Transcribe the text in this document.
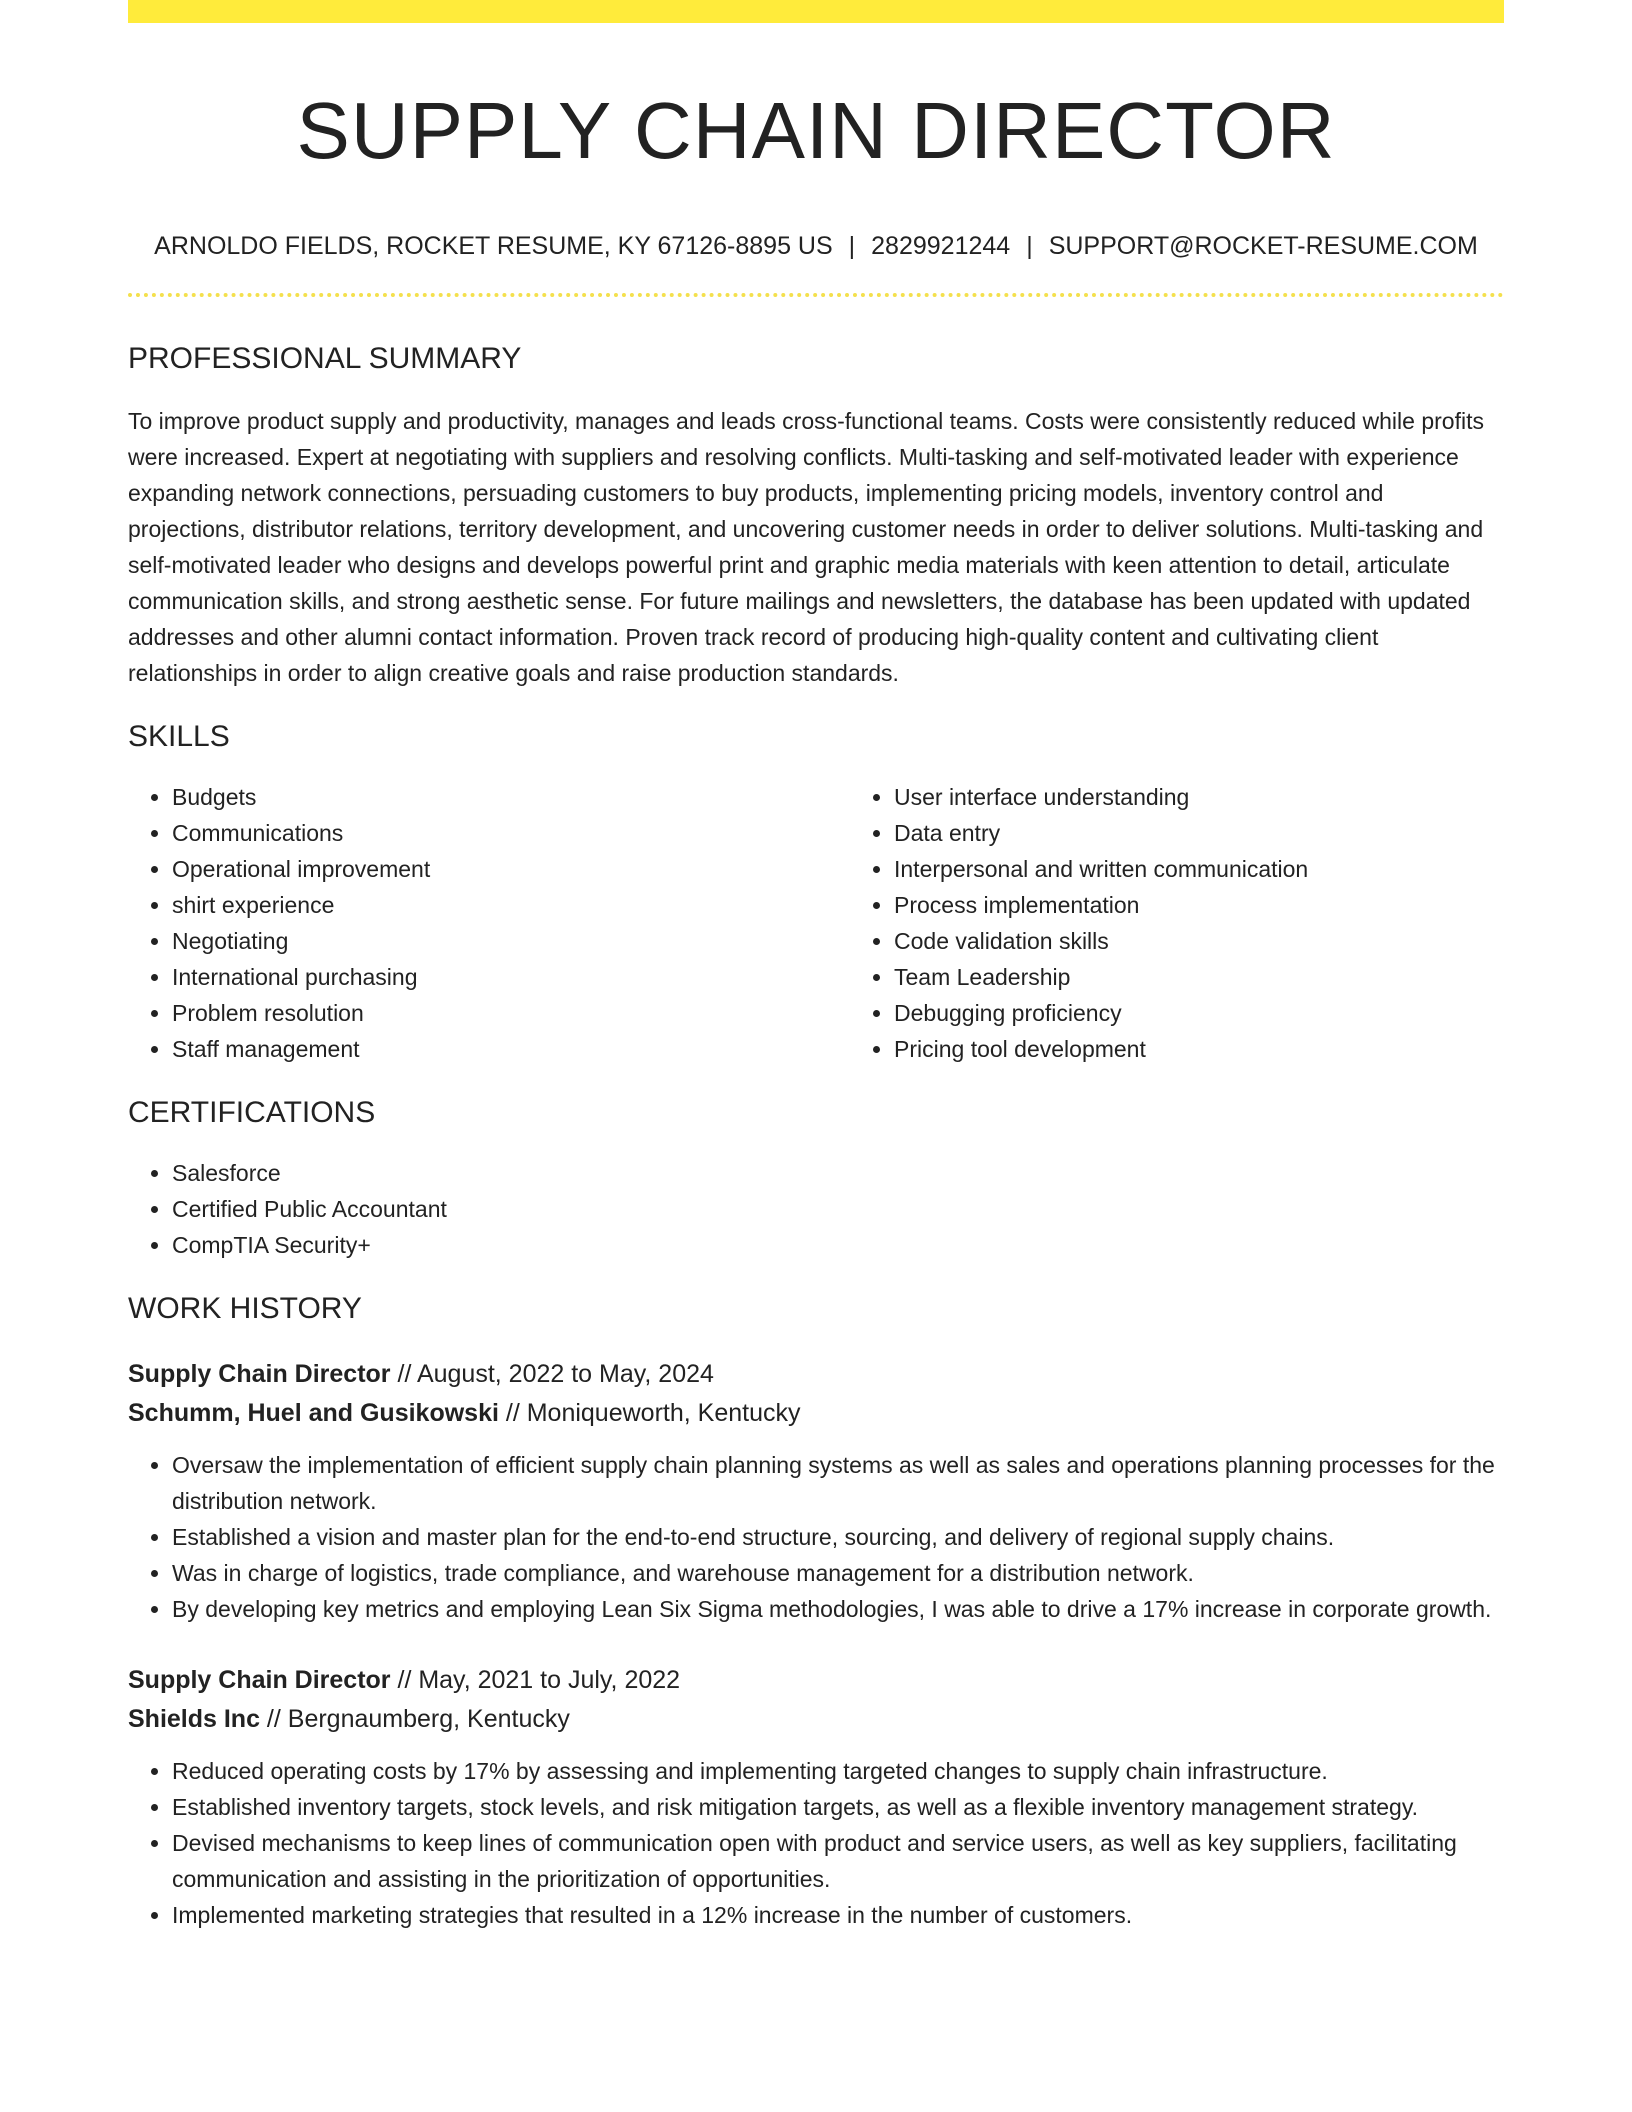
SUPPLY CHAIN DIRECTOR
ARNOLDO FIELDS, ROCKET RESUME, KY 67126-8895 US | 2829921244 | SUPPORT@ROCKET-RESUME.COM
PROFESSIONAL SUMMARY

To improve product supply and productivity, manages and leads cross-functional teams. Costs were consistently reduced while profits were increased. Expert at negotiating with suppliers and resolving conflicts. Multi-tasking and self-motivated leader with experience expanding network connections, persuading customers to buy products, implementing pricing models, inventory control and projections, distributor relations, territory development, and uncovering customer needs in order to deliver solutions. Multi-tasking and self-motivated leader who designs and develops powerful print and graphic media materials with keen attention to detail, articulate communication skills, and strong aesthetic sense. For future mailings and newsletters, the database has been updated with updated addresses and other alumni contact information. Proven track record of producing high-quality content and cultivating client relationships in order to align creative goals and raise production standards.

SKILLS
• Budgets
• Communications
• Operational improvement
• shirt experience
• Negotiating
• International purchasing
• Problem resolution
• Staff management
• User interface understanding
• Data entry
• Interpersonal and written communication
• Process implementation
• Code validation skills
• Team Leadership
• Debugging proficiency
• Pricing tool development
CERTIFICATIONS
• Salesforce
• Certified Public Accountant
• CompTIA Security+
WORK HISTORY
Supply Chain Director // August, 2022 to May, 2024
Schumm, Huel and Gusikowski // Moniqueworth, Kentucky
• Oversaw the implementation of efficient supply chain planning systems as well as sales and operations planning processes for the distribution network.
• Established a vision and master plan for the end-to-end structure, sourcing, and delivery of regional supply chains.
• Was in charge of logistics, trade compliance, and warehouse management for a distribution network.
• By developing key metrics and employing Lean Six Sigma methodologies, I was able to drive a 17% increase in corporate growth.
Supply Chain Director // May, 2021 to July, 2022
Shields Inc // Bergnaumberg, Kentucky
• Reduced operating costs by 17% by assessing and implementing targeted changes to supply chain infrastructure.
• Established inventory targets, stock levels, and risk mitigation targets, as well as a flexible inventory management strategy.
• Devised mechanisms to keep lines of communication open with product and service users, as well as key suppliers, facilitating communication and assisting in the prioritization of opportunities.
• Implemented marketing strategies that resulted in a 12% increase in the number of customers.
